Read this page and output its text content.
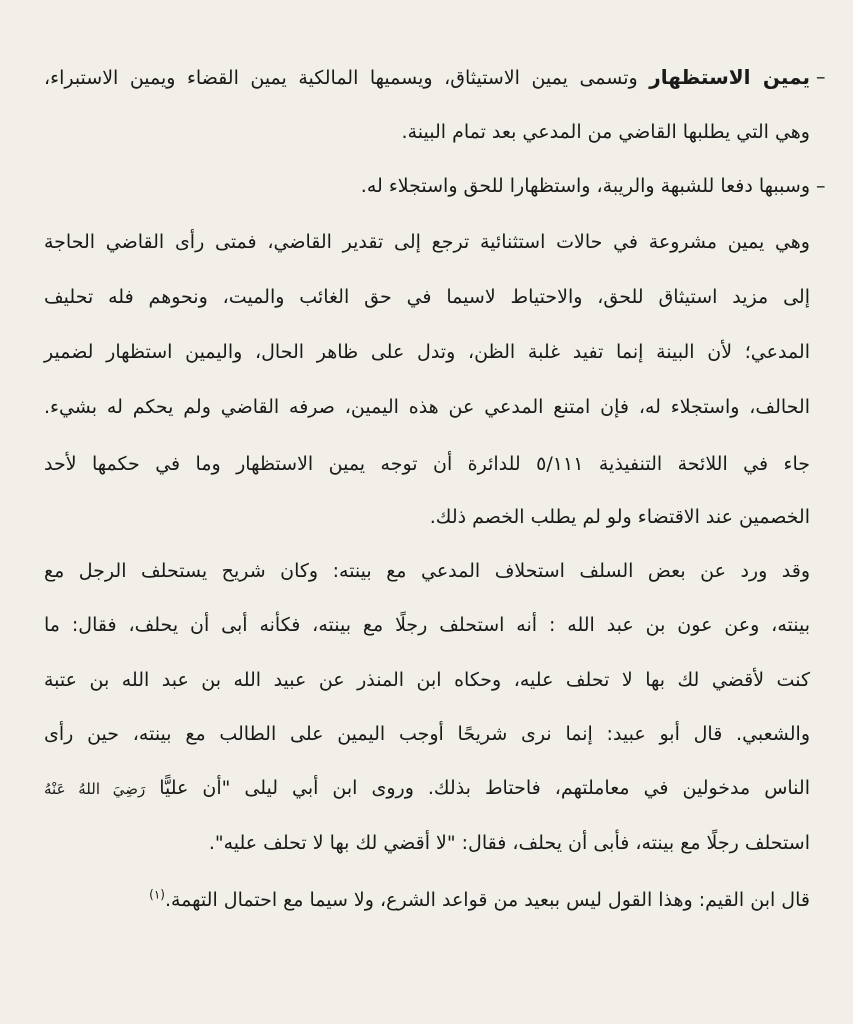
–
يمين الاستظهار وتسمى يمين الاستيثاق، ويسميها المالكية يمين القضاء ويمين الاستبراء،
وهي التي يطلبها القاضي من المدعي بعد تمام البينة.
–
وسببها دفعا للشبهة والريبة، واستظهارا للحق واستجلاء له.
وهي يمين مشروعة في حالات استثنائية ترجع إلى تقدير القاضي، فمتى رأى القاضي الحاجة
إلى مزيد استيثاق للحق، والاحتياط لاسيما في حق الغائب والميت، ونحوهم فله تحليف
المدعي؛ لأن البينة إنما تفيد غلبة الظن، وتدل على ظاهر الحال، واليمين استظهار لضمير
الحالف، واستجلاء له، فإن امتنع المدعي عن هذه اليمين، صرفه القاضي ولم يحكم له بشيء.
جاء في اللائحة التنفيذية ٥/١١١ للدائرة أن توجه يمين الاستظهار وما في حكمها لأحد
الخصمين عند الاقتضاء ولو لم يطلب الخصم ذلك.
وقد ورد عن بعض السلف استحلاف المدعي مع بينته: وكان شريح يستحلف الرجل مع
بينته، وعن عون بن عبد الله : أنه استحلف رجلًا مع بينته، فكأنه أبى أن يحلف، فقال: ما
كنت لأقضي لك بها لا تحلف عليه، وحكاه ابن المنذر عن عبيد الله بن عبد الله بن عتبة
والشعبي. قال أبو عبيد: إنما نرى شريحًا أوجب اليمين على الطالب مع بينته، حين رأى
الناس مدخولين في معاملتهم، فاحتاط بذلك. وروى ابن أبي ليلى "أن عليًّا رَضِيَ اللهُ عَنْهُ
استحلف رجلًا مع بينته، فأبى أن يحلف، فقال: "لا أقضي لك بها لا تحلف عليه".
قال ابن القيم: وهذا القول ليس ببعيد من قواعد الشرع، ولا سيما مع احتمال التهمة.$^{(١)}$
